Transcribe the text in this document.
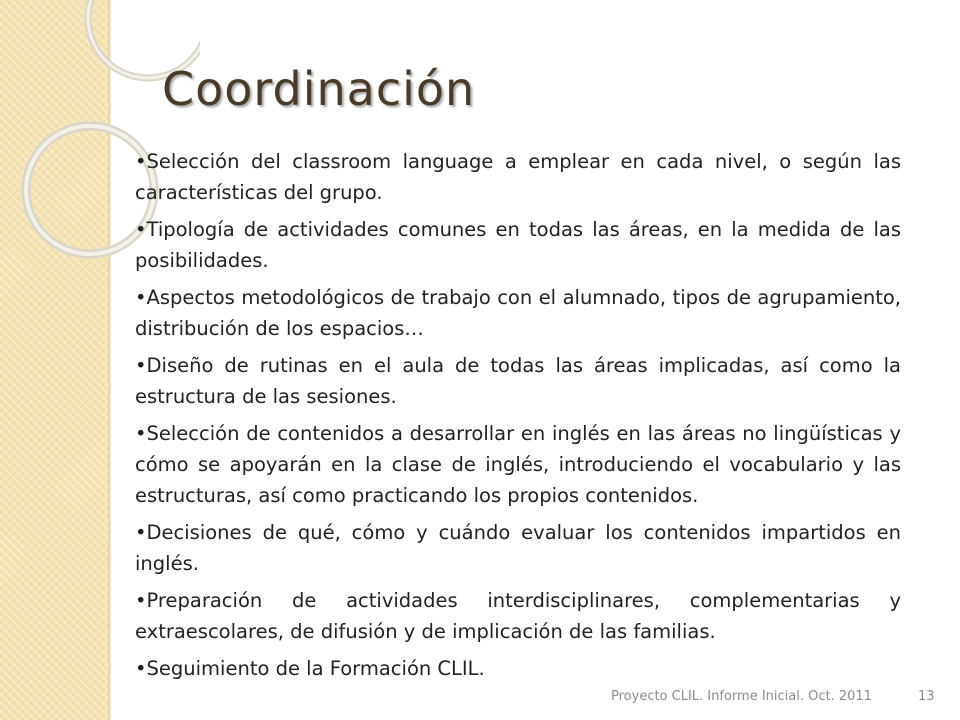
Coordinación

• Selección del classroom language a emplear en cada nivel, o según las características del grupo.

• Tipología de actividades comunes en todas las áreas, en la medida de las posibilidades.

• Aspectos metodológicos de trabajo con el alumnado, tipos de agrupamiento, distribución de los espacios…

• Diseño de rutinas en el aula de todas las áreas implicadas, así como la estructura de las sesiones.

• Selección de contenidos a desarrollar en inglés en las áreas no lingüísticas y cómo se apoyarán en la clase de inglés, introduciendo el vocabulario y las estructuras, así como practicando los propios contenidos.

• Decisiones de qué, cómo y cuándo evaluar los contenidos impartidos en inglés.

• Preparación de actividades interdisciplinares, complementarias y extraescolares, de difusión y de implicación de las familias.

• Seguimiento de la Formación CLIL.

Proyecto CLIL. Informe Inicial. Oct. 2011	13
